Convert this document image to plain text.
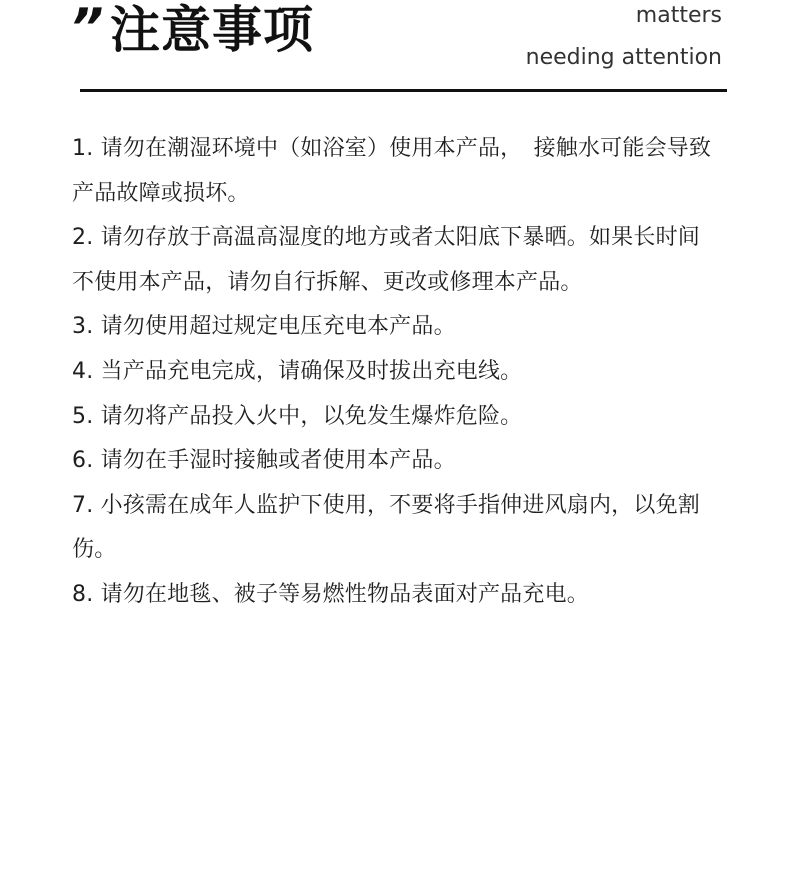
” 注意事项	matters
needing attention
1. 请勿在潮湿环境中（如浴室）使用本产品，　接触水可能会导致产品故障或损坏。
2. 请勿存放于高温高湿度的地方或者太阳底下暴晒。如果长时间不使用本产品，请勿自行拆解、更改或修理本产品。
3. 请勿使用超过规定电压充电本产品。
4. 当产品充电完成，请确保及时拔出充电线。
5. 请勿将产品投入火中，以免发生爆炸危险。
6. 请勿在手湿时接触或者使用本产品。
7. 小孩需在成年人监护下使用，不要将手指伸进风扇内，以免割伤。
8. 请勿在地毯、被子等易燃性物品表面对产品充电。
